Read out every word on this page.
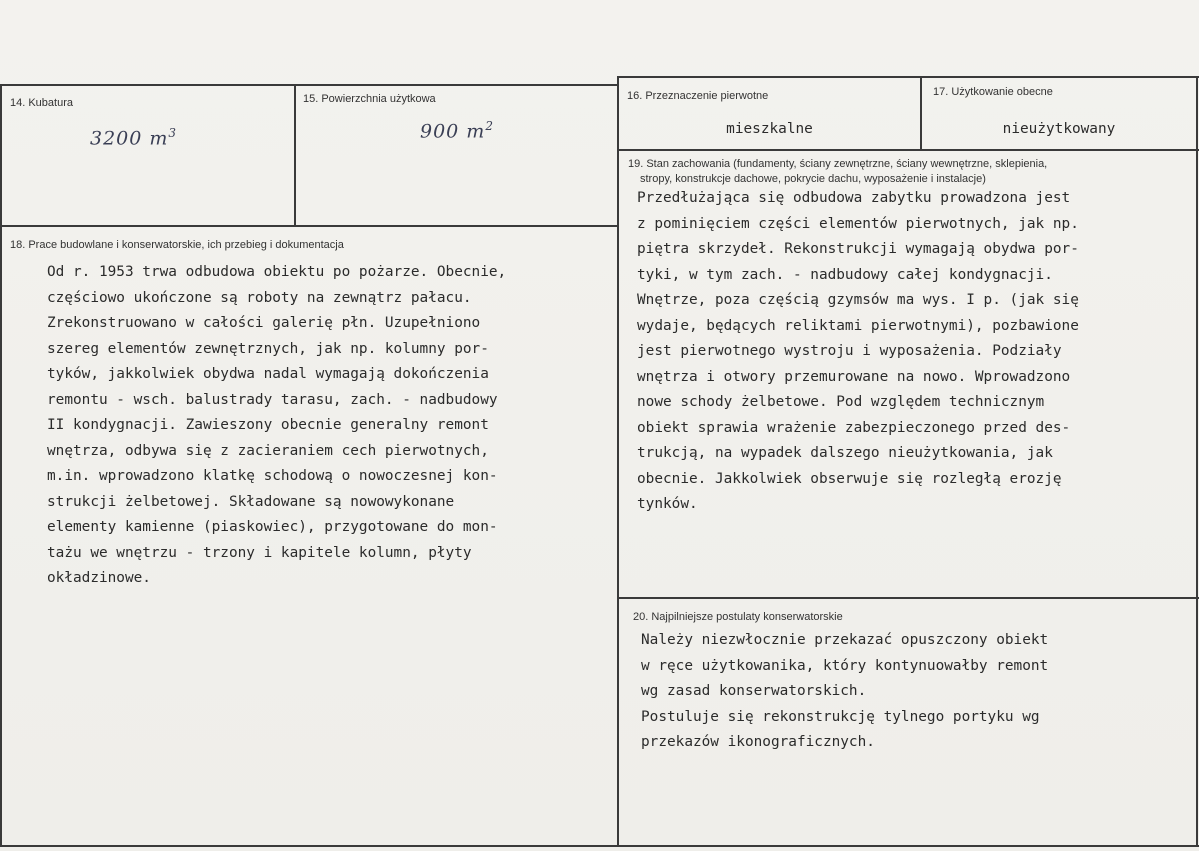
14. Kubatura
3200 $m^3$
15. Powierzchnia użytkowa
900 $m^2$
16. Przeznaczenie pierwotne
mieszkalne
17. Użytkowanie obecne
nieużytkowany
18. Prace budowlane i konserwatorskie, ich przebieg i dokumentacja
Od r. 1953 trwa odbudowa obiektu po pożarze. Obecnie,
częściowo ukończone są roboty na zewnątrz pałacu.
Zrekonstruowano w całości galerię płn. Uzupełniono
szereg elementów zewnętrznych, jak np. kolumny por-
tyków, jakkolwiek obydwa nadal wymagają dokończenia
remontu - wsch. balustrady tarasu, zach. - nadbudowy
II kondygnacji. Zawieszony obecnie generalny remont
wnętrza, odbywa się z zacieraniem cech pierwotnych,
m.in. wprowadzono klatkę schodową o nowoczesnej kon-
strukcji żelbetowej. Składowane są nowowykonane
elementy kamienne (piaskowiec), przygotowane do mon-
tażu we wnętrzu - trzony i kapitele kolumn, płyty
okładzinowe.
19. Stan zachowania (fundamenty, ściany zewnętrzne, ściany wewnętrzne, sklepienia,
stropy, konstrukcje dachowe, pokrycie dachu, wyposażenie i instalacje)
Przedłużająca się odbudowa zabytku prowadzona jest
z pominięciem części elementów pierwotnych, jak np.
piętra skrzydeł. Rekonstrukcji wymagają obydwa por-
tyki, w tym zach. - nadbudowy całej kondygnacji.
Wnętrze, poza częścią gzymsów ma wys. I p. (jak się
wydaje, będących reliktami pierwotnymi), pozbawione
jest pierwotnego wystroju i wyposażenia. Podziały
wnętrza i otwory przemurowane na nowo. Wprowadzono
nowe schody żelbetowe. Pod względem technicznym
obiekt sprawia wrażenie zabezpieczonego przed des-
trukcją, na wypadek dalszego nieużytkowania, jak
obecnie. Jakkolwiek obserwuje się rozległą erozję
tynków.
20. Najpilniejsze postulaty konserwatorskie
Należy niezwłocznie przekazać opuszczony obiekt
w ręce użytkowanika, który kontynuowałby remont
wg zasad konserwatorskich.
Postuluje się rekonstrukcję tylnego portyku wg
przekazów ikonograficznych.
